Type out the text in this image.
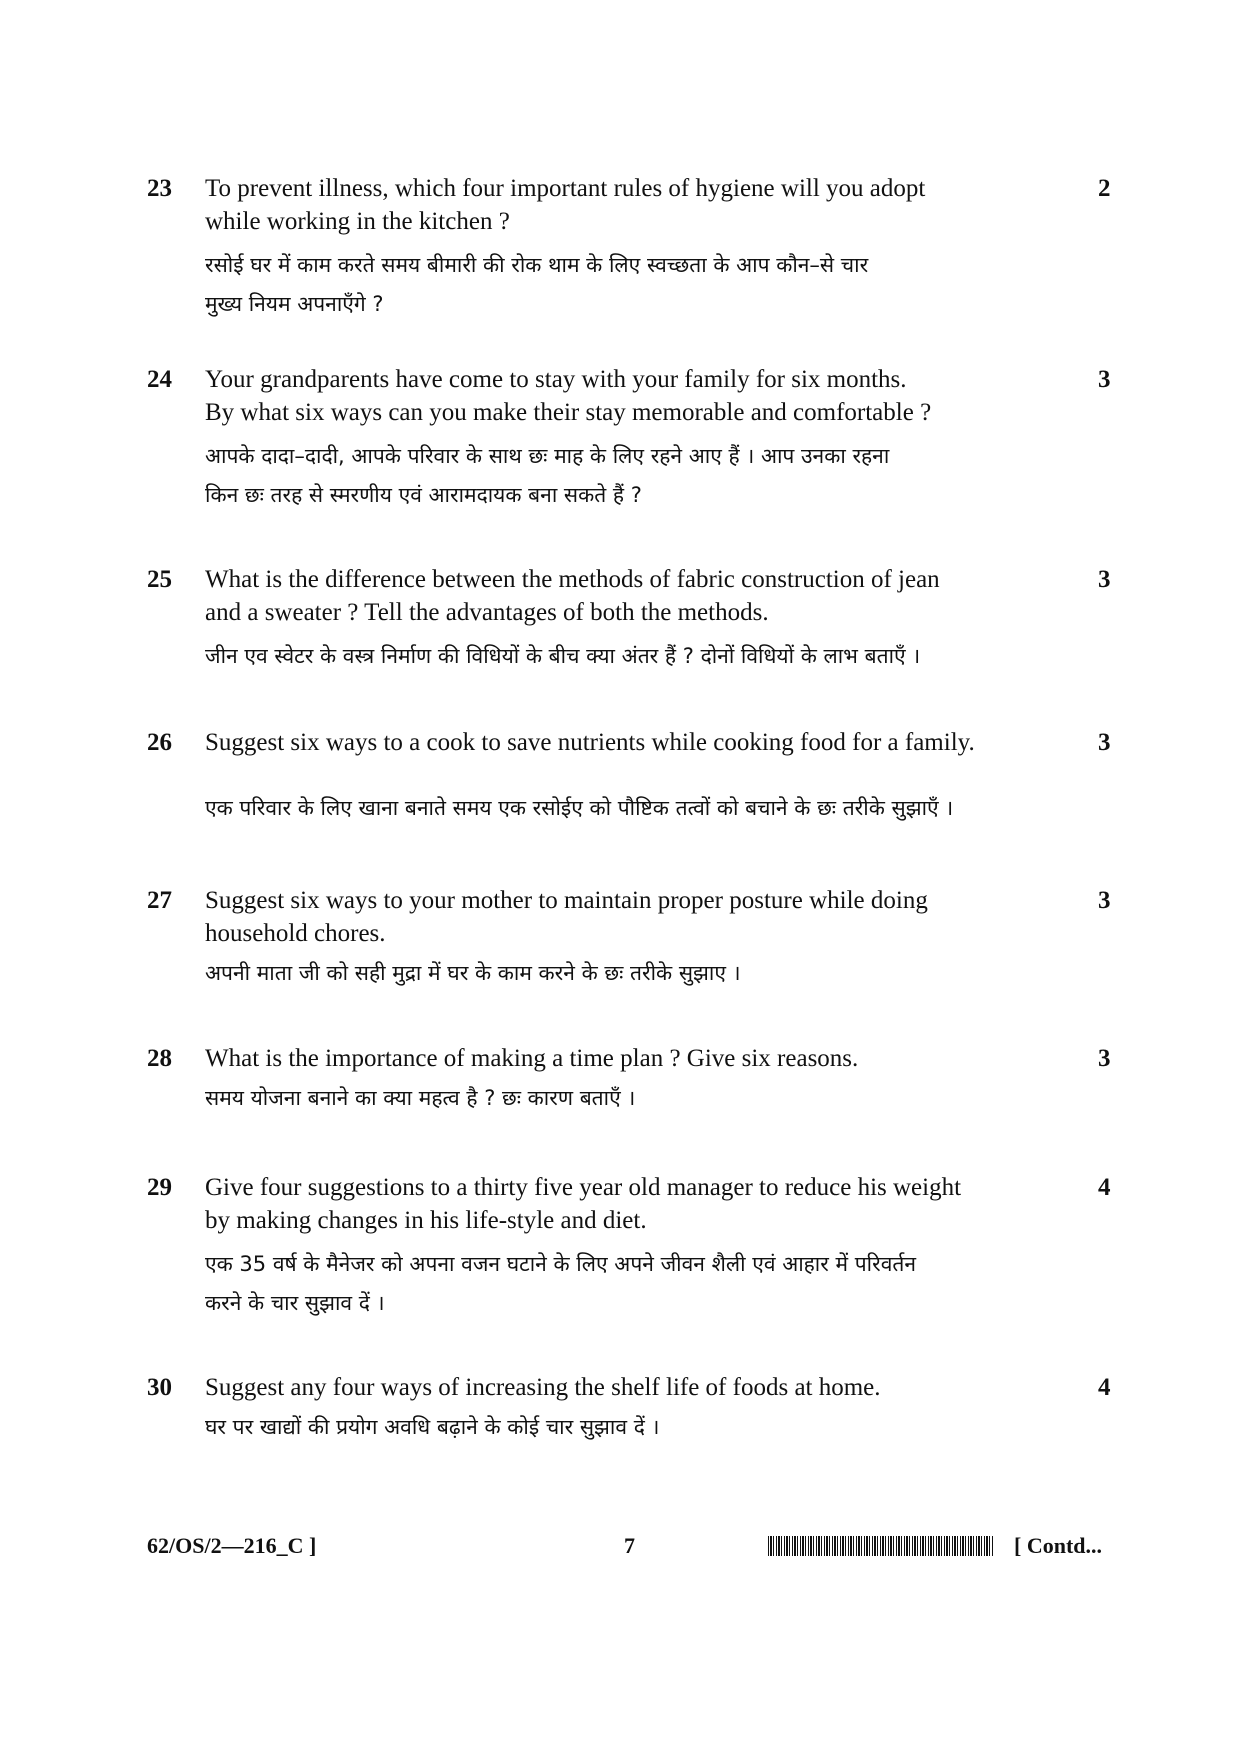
23 To prevent illness, which four important rules of hygiene will you adopt

while working in the kitchen ?

रसोई घर में काम करते समय बीमारी की रोक थाम के लिए स्वच्छता के आप कौन–से चार

मुख्य नियम अपनाएँगे ?

2
24 Your grandparents have come to stay with your family for six months.

By what six ways can you make their stay memorable and comfortable ?

आपके दादा–दादी, आपके परिवार के साथ छः माह के लिए रहने आए हैं । आप उनका रहना

किन छः तरह से स्मरणीय एवं आरामदायक बना सकते हैं ?

3
25 What is the difference between the methods of fabric construction of jean

and a sweater ? Tell the advantages of both the methods.

जीन एव स्वेटर के वस्त्र निर्माण की विधियों के बीच क्या अंतर हैं ? दोनों विधियों के लाभ बताएँ ।

3
26 Suggest six ways to a cook to save nutrients while cooking food for a family.

एक परिवार के लिए खाना बनाते समय एक रसोईए को पौष्टिक तत्वों को बचाने के छः तरीके सुझाएँ ।

3
27 Suggest six ways to your mother to maintain proper posture while doing

household chores.

अपनी माता जी को सही मुद्रा में घर के काम करने के छः तरीके सुझाए ।

3
28 What is the importance of making a time plan ? Give six reasons.

समय योजना बनाने का क्या महत्व है ? छः कारण बताएँ ।

3
29 Give four suggestions to a thirty five year old manager to reduce his weight

by making changes in his life-style and diet.

एक 35 वर्ष के मैनेजर को अपना वजन घटाने के लिए अपने जीवन शैली एवं आहार में परिवर्तन

करने के चार सुझाव दें ।

4
30 Suggest any four ways of increasing the shelf life of foods at home.

घर पर खाद्यों की प्रयोग अवधि बढ़ाने के कोई चार सुझाव दें ।

4
62/OS/2—216_C ]	7	[ Contd...
